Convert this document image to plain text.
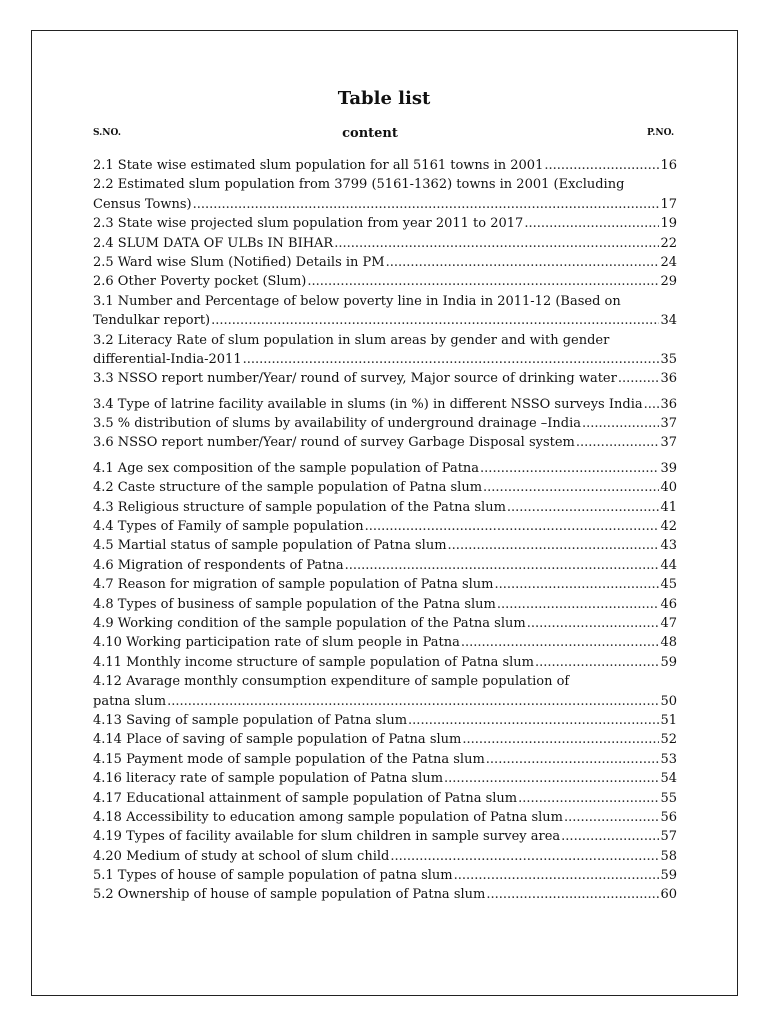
Table list
S.NO.	content	P.NO.
2.1 State wise estimated slum population for all 5161 towns in 2001 .....	16
2.2 Estimated slum population from 3799 (5161-1362) towns in 2001 (Excluding
Census Towns) .....	17
2.3 State wise projected slum population from year 2011 to 2017 .....	19
2.4 SLUM DATA OF ULBs IN BIHAR .....	22
2.5 Ward wise Slum (Notified) Details in PM .....	24
2.6 Other Poverty pocket (Slum) .....	29
3.1 Number and Percentage of below poverty line in India in 2011-12 (Based on
Tendulkar report) .....	34
3.2 Literacy Rate of slum population in slum areas by gender and with gender
differential-India-2011 .....	35
3.3 NSSO report number/Year/ round of survey, Major source of drinking water .....	36
3.4 Type of latrine facility available in slums (in %) in different NSSO surveys India ..... 36
3.5 % distribution of slums by availability of underground drainage –India .....	37
3.6 NSSO report number/Year/ round of survey Garbage Disposal system .....	37
4.1 Age sex composition of the sample population of Patna .....	39
4.2 Caste structure of the sample population of Patna slum .....	40
4.3 Religious structure of sample population of the Patna slum .....	41
4.4 Types of Family of sample population .....	42
4.5 Martial status of sample population of Patna slum .....	43
4.6 Migration of respondents of Patna .....	44
4.7 Reason for migration of sample population of Patna slum .....	45
4.8 Types of business of sample population of the Patna slum .....	46
4.9 Working condition of the sample population of the Patna slum .....	47
4.10 Working participation rate of slum people in Patna .....	48
4.11 Monthly income structure of sample population of Patna slum .....	59
4.12 Avarage monthly consumption expenditure of sample population of
patna slum .....	50
4.13 Saving of sample population of Patna slum .....	51
4.14 Place of saving of sample population of Patna slum .....	52
4.15 Payment mode of sample population of the Patna slum .....	53
4.16 literacy rate of sample population of Patna slum .....	54
4.17 Educational attainment of sample population of Patna slum .....	55
4.18 Accessibility to education among sample population of Patna slum .....	56
4.19 Types of facility available for slum children in sample survey area .....	57
4.20 Medium of study at school of slum child .....	58
5.1 Types of house of sample population of patna slum .....	59
5.2 Ownership of house of sample population of Patna slum .....	60
